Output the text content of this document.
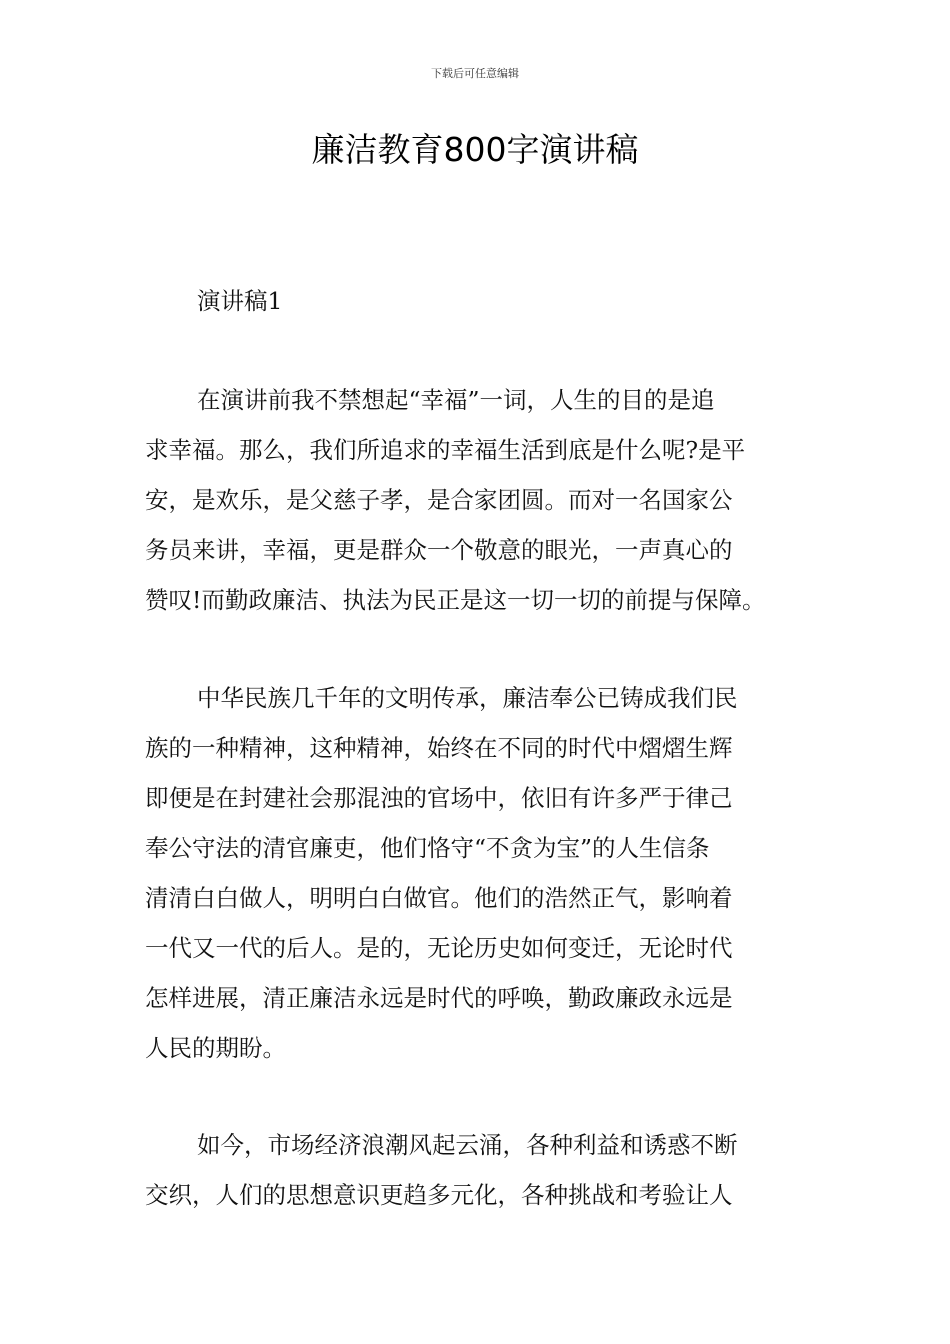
下载后可任意编辑
廉洁教育800字演讲稿
演讲稿1
在演讲前我不禁想起“幸福”一词，人生的目的是追
求幸福。那么，我们所追求的幸福生活到底是什么呢?是平
安，是欢乐，是父慈子孝，是合家团圆。而对一名国家公
务员来讲，幸福，更是群众一个敬意的眼光，一声真心的
赞叹!而勤政廉洁、执法为民正是这一切一切的前提与保障。
中华民族几千年的文明传承，廉洁奉公已铸成我们民
族的一种精神，这种精神，始终在不同的时代中熠熠生辉
即便是在封建社会那混浊的官场中，依旧有许多严于律己
奉公守法的清官廉吏，他们恪守“不贪为宝”的人生信条
清清白白做人，明明白白做官。他们的浩然正气，影响着
一代又一代的后人。是的，无论历史如何变迁，无论时代
怎样进展，清正廉洁永远是时代的呼唤，勤政廉政永远是
人民的期盼。
如今，市场经济浪潮风起云涌，各种利益和诱惑不断
交织，人们的思想意识更趋多元化，各种挑战和考验让人
